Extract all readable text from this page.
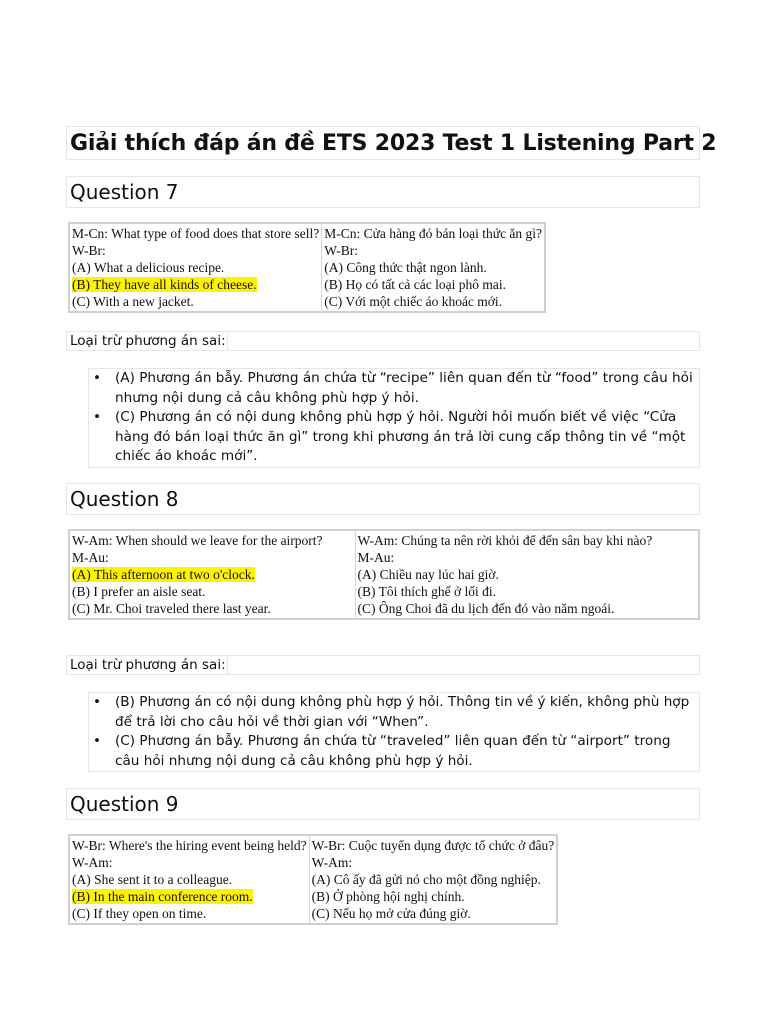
Giải thích đáp án đề ETS 2023 Test 1 Listening Part 2
Question 7
M-Cn: What type of food does that store sell?
W-Br:
(A) What a delicious recipe.
(B) They have all kinds of cheese.
(C) With a new jacket.

M-Cn: Cửa hàng đó bán loại thức ăn gì?
W-Br:
(A) Công thức thật ngon lành.
(B) Họ có tất cả các loại phô mai.
(C) Với một chiếc áo khoác mới.
Loại trừ phương án sai:
• (A) Phương án bẫy. Phương án chứa từ “recipe” liên quan đến từ “food” trong câu hỏi nhưng nội dung cả câu không phù hợp ý hỏi.
• (C) Phương án có nội dung không phù hợp ý hỏi. Người hỏi muốn biết về việc “Cửa hàng đó bán loại thức ăn gì” trong khi phương án trả lời cung cấp thông tin về “một chiếc áo khoác mới”.
Question 8
W-Am: When should we leave for the airport?
M-Au:
(A) This afternoon at two o'clock.
(B) I prefer an aisle seat.
(C) Mr. Choi traveled there last year.

W-Am: Chúng ta nên rời khỏi để đến sân bay khi nào?
M-Au:
(A) Chiều nay lúc hai giờ.
(B) Tôi thích ghế ở lối đi.
(C) Ông Choi đã du lịch đến đó vào năm ngoái.
Loại trừ phương án sai:
• (B) Phương án có nội dung không phù hợp ý hỏi. Thông tin về ý kiến, không phù hợp để trả lời cho câu hỏi về thời gian với “When”.
• (C) Phương án bẫy. Phương án chứa từ “traveled” liên quan đến từ “airport” trong câu hỏi nhưng nội dung cả câu không phù hợp ý hỏi.
Question 9
W-Br: Where's the hiring event being held?
W-Am:
(A) She sent it to a colleague.
(B) In the main conference room.
(C) If they open on time.

W-Br: Cuộc tuyển dụng được tổ chức ở đâu?
W-Am:
(A) Cô ấy đã gửi nó cho một đồng nghiệp.
(B) Ở phòng hội nghị chính.
(C) Nếu họ mở cửa đúng giờ.
